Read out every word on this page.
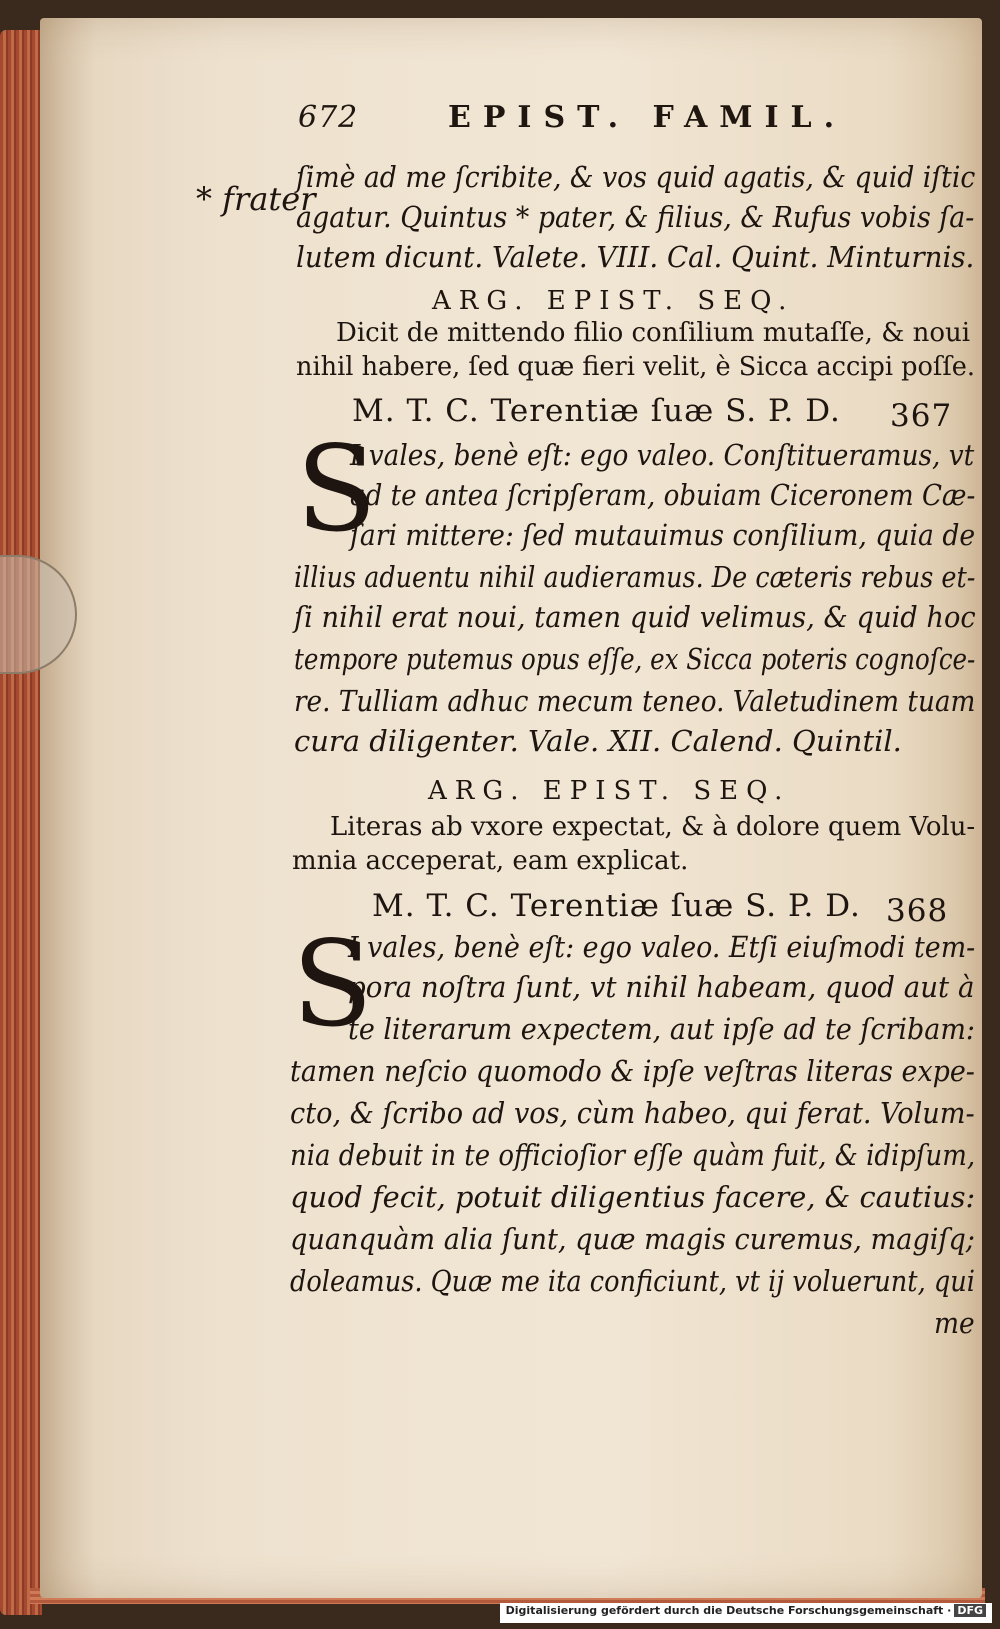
672	EPIST. FAMIL.
* frater
ſimè ad me ſcribite, & vos quid agatis, & quid iſtic
agatur. Quintus * pater, & filius, & Rufus vobis ſa-
lutem dicunt. Valete. VIII. Cal. Quint. Minturnis.
ARG. EPIST. SEQ.
Dicit de mittendo filio conſilium mutaſſe, & noui
nihil habere, ſed quæ fieri velit, è Sicca accipi poſſe.
M. T. C. Terentiæ ſuæ S. P. D. 367
S
I vales, benè eſt: ego valeo. Conſtitueramus, vt
ad te antea ſcripſeram, obuiam Ciceronem Cæ-
ſari mittere: ſed mutauimus conſilium, quia de
illius aduentu nihil audieramus. De cæteris rebus et-
ſi nihil erat noui, tamen quid velimus, & quid hoc
tempore putemus opus eſſe, ex Sicca poteris cognoſce-
re. Tulliam adhuc mecum teneo. Valetudinem tuam
cura diligenter. Vale. XII. Calend. Quintil.
ARG. EPIST. SEQ.
Literas ab vxore expectat, & à dolore quem Volu-
mnia acceperat, eam explicat.
M. T. C. Terentiæ ſuæ S. P. D. 368
S
I vales, benè eſt: ego valeo. Etſi eiuſmodi tem-
pora noſtra ſunt, vt nihil habeam, quod aut à
te literarum expectem, aut ipſe ad te ſcribam:
tamen neſcio quomodo & ipſe veſtras literas expe-
cto, & ſcribo ad vos, cùm habeo, qui ferat. Volum-
nia debuit in te officioſior eſſe quàm fuit, & idipſum,
quod fecit, potuit diligentius facere, & cautius:
quanquàm alia ſunt, quæ magis curemus, magiſq;
doleamus. Quæ me ita conficiunt, vt ij voluerunt, qui
me
Digitalisierung gefördert durch die Deutsche Forschungsgemeinschaft · DFG
